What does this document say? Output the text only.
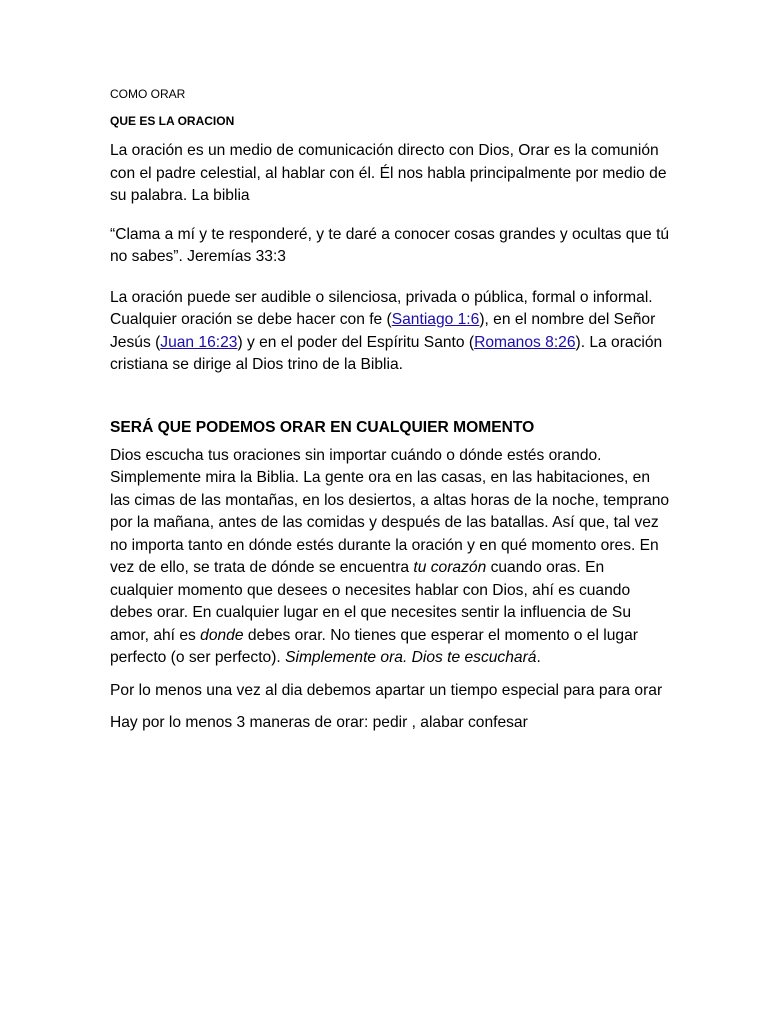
COMO ORAR
QUE ES LA ORACION

La oración es un medio de comunicación directo con Dios, Orar es la comunión con el padre celestial, al hablar con él. Él nos habla principalmente por medio de su palabra. La biblia

“Clama a mí y te responderé, y te daré a conocer cosas grandes y ocultas que tú no sabes”. Jeremías 33:3

La oración puede ser audible o silenciosa, privada o pública, formal o informal. Cualquier oración se debe hacer con fe (Santiago 1:6), en el nombre del Señor Jesús (Juan 16:23) y en el poder del Espíritu Santo (Romanos 8:26). La oración cristiana se dirige al Dios trino de la Biblia.

SERÁ QUE PODEMOS ORAR EN CUALQUIER MOMENTO

Dios escucha tus oraciones sin importar cuándo o dónde estés orando. Simplemente mira la Biblia. La gente ora en las casas, en las habitaciones, en las cimas de las montañas, en los desiertos, a altas horas de la noche, temprano por la mañana, antes de las comidas y después de las batallas. Así que, tal vez no importa tanto en dónde estés durante la oración y en qué momento ores. En vez de ello, se trata de dónde se encuentra tu corazón cuando oras. En cualquier momento que desees o necesites hablar con Dios, ahí es cuando debes orar. En cualquier lugar en el que necesites sentir la influencia de Su amor, ahí es donde debes orar. No tienes que esperar el momento o el lugar perfecto (o ser perfecto). Simplemente ora. Dios te escuchará.

Por lo menos una vez al dia debemos apartar un tiempo especial para para orar

Hay por lo menos 3 maneras de orar: pedir , alabar confesar
